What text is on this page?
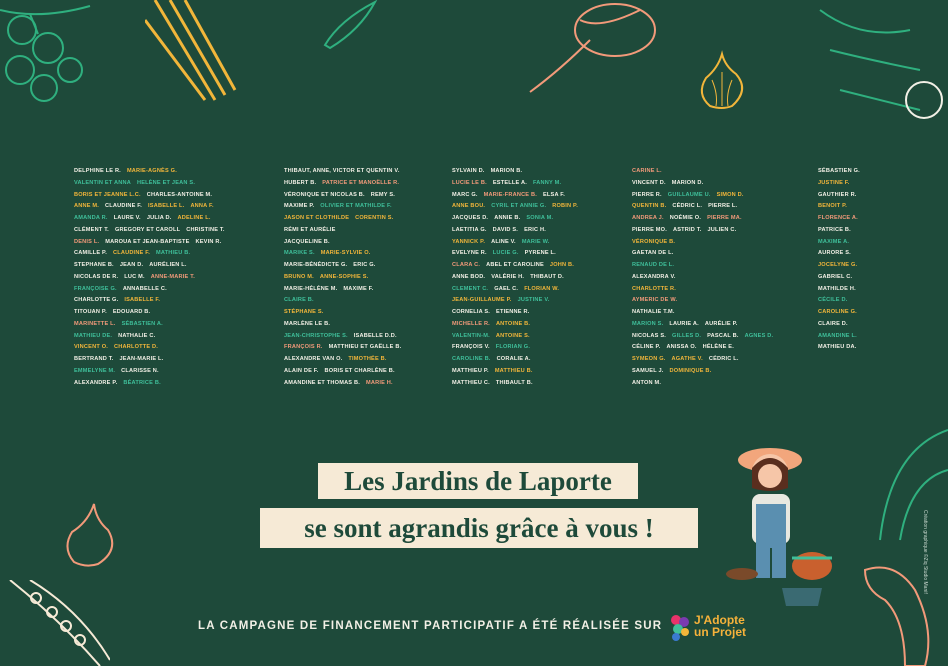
DELPHINE LE R. MARIE-AGNÈS G.
VALENTIN ET ANNA HELÈNE ET JEAN S.
BORIS ET JEANNE L.C. CHARLES-ANTOINE M.
ANNE M. CLAUDINE F. ISABELLE L. ANNA F.
AMANDA R. LAURE V. JULIA D. ADELINE L.
CLÉMENT T. GREGORY ET CAROLL CHRISTINE T.
DENIS L. MAROUA ET JEAN-BAPTISTE KEVIN R.
CAMILLE P. CLAUDINE F. MATHIEU B.
STEPHANE B. JEAN D. AURÉLIEN L.
NICOLAS DE R. LUC M. ANNE-MARIE T.
FRANÇOISE G. ANNABELLE C.
CHARLOTTE G. ISABELLE F.
TITOUAN P. EDOUARD B.
MARINETTE L. SÉBASTIEN A.
MATHIEU DE. NATHALIE C.
VINCENT O. CHARLOTTE D.
BERTRAND T. JEAN-MARIE L.
EMMELYNE M. CLARISSE N.
ALEXANDRE P. BÉATRICE B.
THIBAUT, ANNE, VICTOR ET QUENTIN V.
HUBERT B. PATRICE ET MANOËLLE R.
VÉRONIQUE ET NICOLAS B. REMY S.
MAXIME P. OLIVIER ET MATHILDE F.
JASON ET CLOTHILDE CORENTIN S.
RÉMI ET AURÉLIE
JACQUELINE B.
MARIKE S. MARIE-SYLVIE O.
MARIE-BÉNÉDICTE G. ERIC G.
BRUNO M. ANNE-SOPHIE S.
MARIE-HÉLÈNE M. MAXIME F.
CLAIRE B.
STÉPHANE S.
MARLÈNE LE B.
JEAN-CHRISTOPHE S. ISABELLE D.D.
FRANÇOIS R. MATTHIEU ET GAËLLE B.
ALEXANDRE VAN O. TIMOTHÉE B.
ALAIN DE F. BORIS ET CHARLÈNE B.
AMANDINE ET THOMAS B. MARIE H.
SYLVAIN D. MARION B.
LUCIE LE B. ESTELLE A. FANNY M.
MARC G. MARIE-FRANCE B. ELSA F.
ANNE BOU. CYRIL ET ANNIE G. ROBIN P.
JACQUES D. ANNIE B. SONIA M.
LAETITIA G. DAVID S. ERIC H.
YANNICK P. ALINE V. MARIE W.
EVELYNE R. LUCIE G. PYRENE L.
CLARA C. ABEL ET CAROLINE JOHN B.
ANNE BOD. VALÉRIE H. THIBAUT D.
CLEMENT C. GAEL C. FLORIAN W.
JEAN-GUILLAUME P. JUSTINE V.
CORNELIA S. ETIENNE R.
MICHELLE R. ANTOINE B.
VALENTIN-M. ANTOINE S.
FRANÇOIS V. FLORIAN G.
CAROLINE B. CORALIE A.
MATTHIEU P. MATTHIEU B.
MATTHIEU C. THIBAULT B.
CARINE L.
VINCENT D. MARION D.
PIERRE R. GUILLAUME U. SIMON D.
QUENTIN B. CÉDRIC L. PIERRE L.
ANDREA J. NOÉMIE O. PIERRE MA.
PIERRE MO. ASTRID T. JULIEN C.
VÉRONIQUE B.
GAETAN DE L.
RENAUD DE L.
ALEXANDRA V.
CHARLOTTE R.
AYMERIC DE W.
NATHALIE T.M.
MARION S. LAURIE A. AURÉLIE P.
NICOLAS S. GILLES D. PASCAL B. AGNES D.
CÉLINE P. ANISSA O. HÉLÈNE E.
SYMEON G. AGATHE V. CÉDRIC L.
SAMUEL J. DOMINIQUE B.
ANTON M.
SÉBASTIEN G.
JUSTINE F.
GAUTHIER R.
BENOIT P.
FLORENCE A.
PATRICE B.
MAXIME A.
AURORE S.
JOCELYNE G.
GABRIEL C.
MATHILDE H.
CÉCILE D.
CAROLINE G.
CLAIRE D.
AMANDINE L.
MATHIEU DA.
Les Jardins de Laporte
se sont agrandis grâce à vous !
LA CAMPAGNE DE FINANCEMENT PARTICIPATIF A ÉTÉ RÉALISÉE SUR	J'Adopte
un Projet
Création graphique ©Ziq Studio Manif
